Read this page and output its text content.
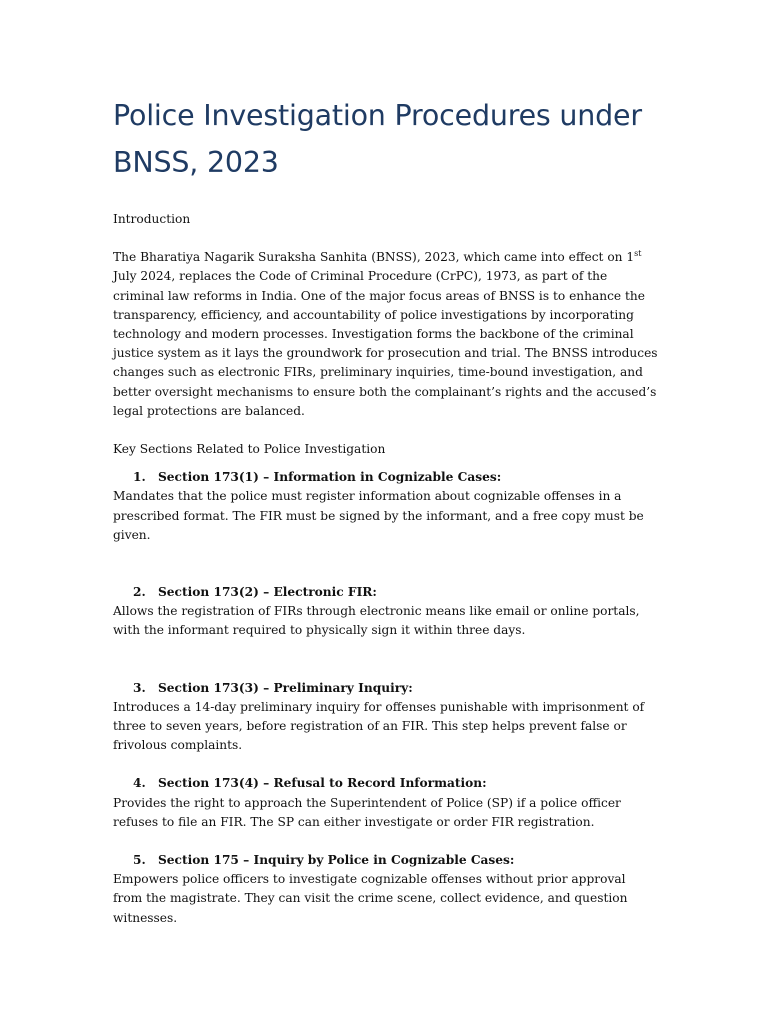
Police Investigation Procedures under BNSS, 2023

Introduction

The Bharatiya Nagarik Suraksha Sanhita (BNSS), 2023, which came into effect on 1st July 2024, replaces the Code of Criminal Procedure (CrPC), 1973, as part of the criminal law reforms in India. One of the major focus areas of BNSS is to enhance the transparency, efficiency, and accountability of police investigations by incorporating technology and modern processes. Investigation forms the backbone of the criminal justice system as it lays the groundwork for prosecution and trial. The BNSS introduces changes such as electronic FIRs, preliminary inquiries, time-bound investigation, and better oversight mechanisms to ensure both the complainant’s rights and the accused’s legal protections are balanced.

Key Sections Related to Police Investigation

1. Section 173(1) – Information in Cognizable Cases:

Mandates that the police must register information about cognizable offenses in a prescribed format. The FIR must be signed by the informant, and a free copy must be given.

2. Section 173(2) – Electronic FIR:

Allows the registration of FIRs through electronic means like email or online portals, with the informant required to physically sign it within three days.

3. Section 173(3) – Preliminary Inquiry:

Introduces a 14-day preliminary inquiry for offenses punishable with imprisonment of three to seven years, before registration of an FIR. This step helps prevent false or frivolous complaints.

4. Section 173(4) – Refusal to Record Information:

Provides the right to approach the Superintendent of Police (SP) if a police officer refuses to file an FIR. The SP can either investigate or order FIR registration.

5. Section 175 – Inquiry by Police in Cognizable Cases:

Empowers police officers to investigate cognizable offenses without prior approval from the magistrate. They can visit the crime scene, collect evidence, and question witnesses.
